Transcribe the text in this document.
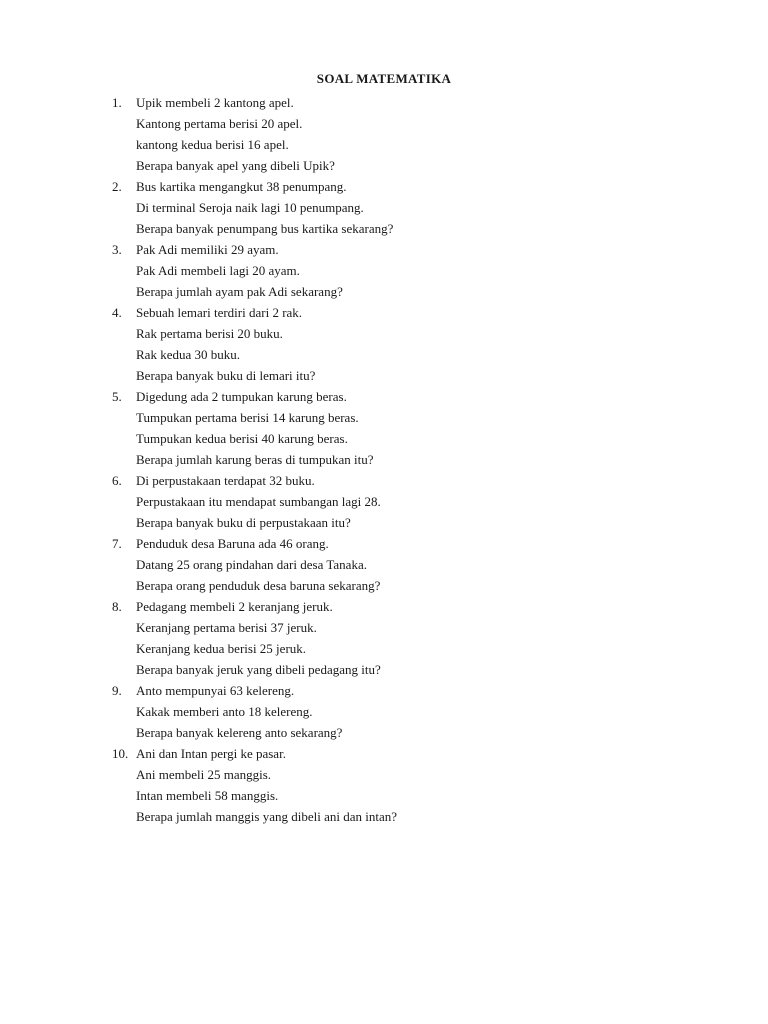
SOAL MATEMATIKA
1.	Upik membeli 2 kantong apel.
Kantong pertama berisi 20 apel.
kantong kedua berisi 16 apel.
Berapa banyak apel yang dibeli Upik?
2.	Bus kartika mengangkut 38 penumpang.
Di terminal Seroja naik lagi 10 penumpang.
Berapa banyak penumpang bus kartika sekarang?
3.	Pak Adi memiliki 29 ayam.
Pak Adi membeli lagi 20 ayam.
Berapa jumlah ayam pak Adi sekarang?
4.	Sebuah lemari terdiri dari 2 rak.
Rak pertama berisi 20 buku.
Rak kedua 30 buku.
Berapa banyak buku di lemari itu?
5.	Digedung ada 2 tumpukan karung beras.
Tumpukan pertama berisi 14 karung beras.
Tumpukan kedua berisi 40 karung beras.
Berapa jumlah karung beras di tumpukan itu?
6.	Di perpustakaan terdapat 32 buku.
Perpustakaan itu mendapat sumbangan lagi 28.
Berapa banyak buku di perpustakaan itu?
7.	Penduduk desa Baruna ada 46 orang.
Datang 25 orang pindahan dari desa Tanaka.
Berapa orang penduduk desa baruna sekarang?
8.	Pedagang membeli 2 keranjang jeruk.
Keranjang pertama berisi 37 jeruk.
Keranjang kedua berisi 25 jeruk.
Berapa banyak jeruk yang dibeli pedagang itu?
9.	Anto mempunyai 63 kelereng.
Kakak memberi anto 18 kelereng.
Berapa banyak kelereng anto sekarang?
10. Ani dan Intan pergi ke pasar.
Ani membeli 25 manggis.
Intan membeli 58 manggis.
Berapa jumlah manggis yang dibeli ani dan intan?
